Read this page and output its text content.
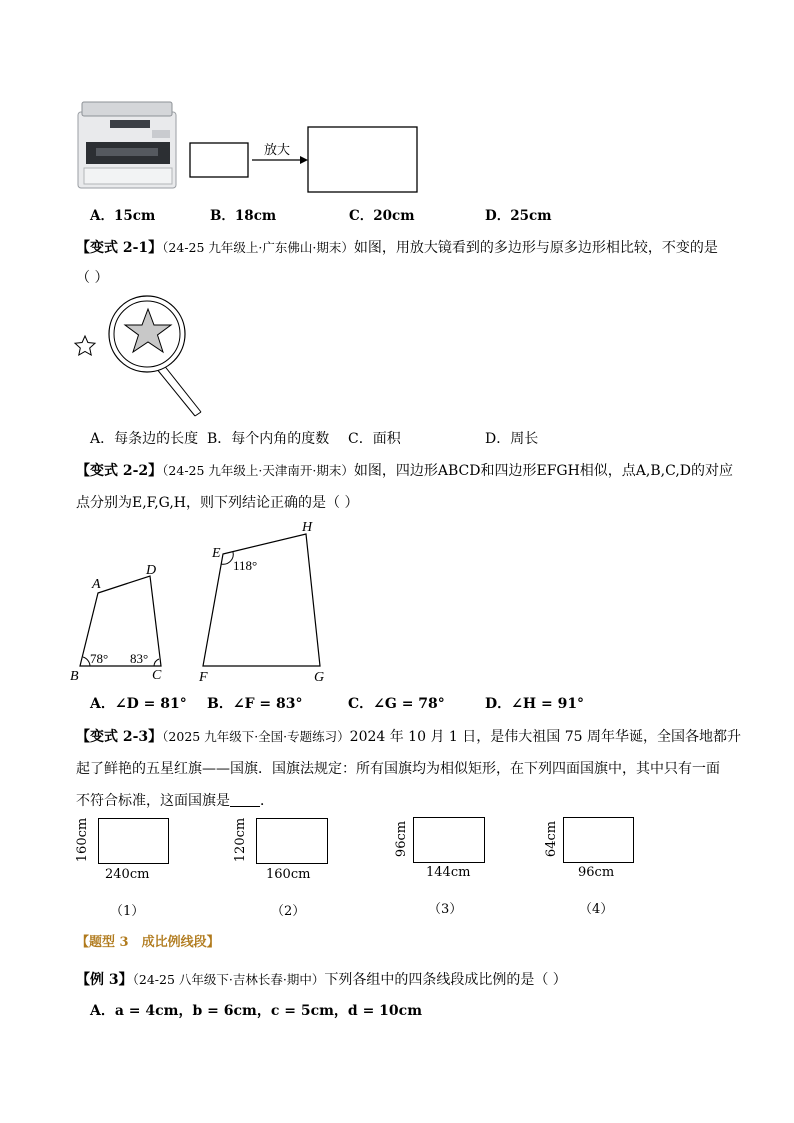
放大
A．15cm	B．18cm	C．20cm	D．25cm
【变式 2-1】（24-25 九年级上·广东佛山·期末）如图，用放大镜看到的多边形与原多边形相比较，不变的是
（ ）
A．每条边的长度 B．每个内角的度数 C．面积	D．周长
【变式 2-2】（24-25 九年级上·天津南开·期末）如图，四边形ABCD和四边形EFGH相似，点A,B,C,D的对应
点分别为E,F,G,H，则下列结论正确的是（ ）
A
D
B	C
78° 83°
E
H
F	G
118°
A．∠D = 81° B．∠F = 83°	C．∠G = 78°	D．∠H = 91°
【变式 2-3】（2025 九年级下·全国·专题练习）2024 年 10 月 1 日，是伟大祖国 75 周年华诞，全国各地都升
起了鲜艳的五星红旗——国旗．国旗法规定：所有国旗均为相似矩形，在下列四面国旗中，其中只有一面
不符合标准，这面国旗是 ．
160cm
240cm
（1）
120cm
160cm
（2）
96cm
144cm
（3）
64cm
96cm
（4）
【题型 3　成比例线段】
【例 3】（24-25 八年级下·吉林长春·期中）下列各组中的四条线段成比例的是（ ）
A．a = 4cm，b = 6cm，c = 5cm，d = 10cm
